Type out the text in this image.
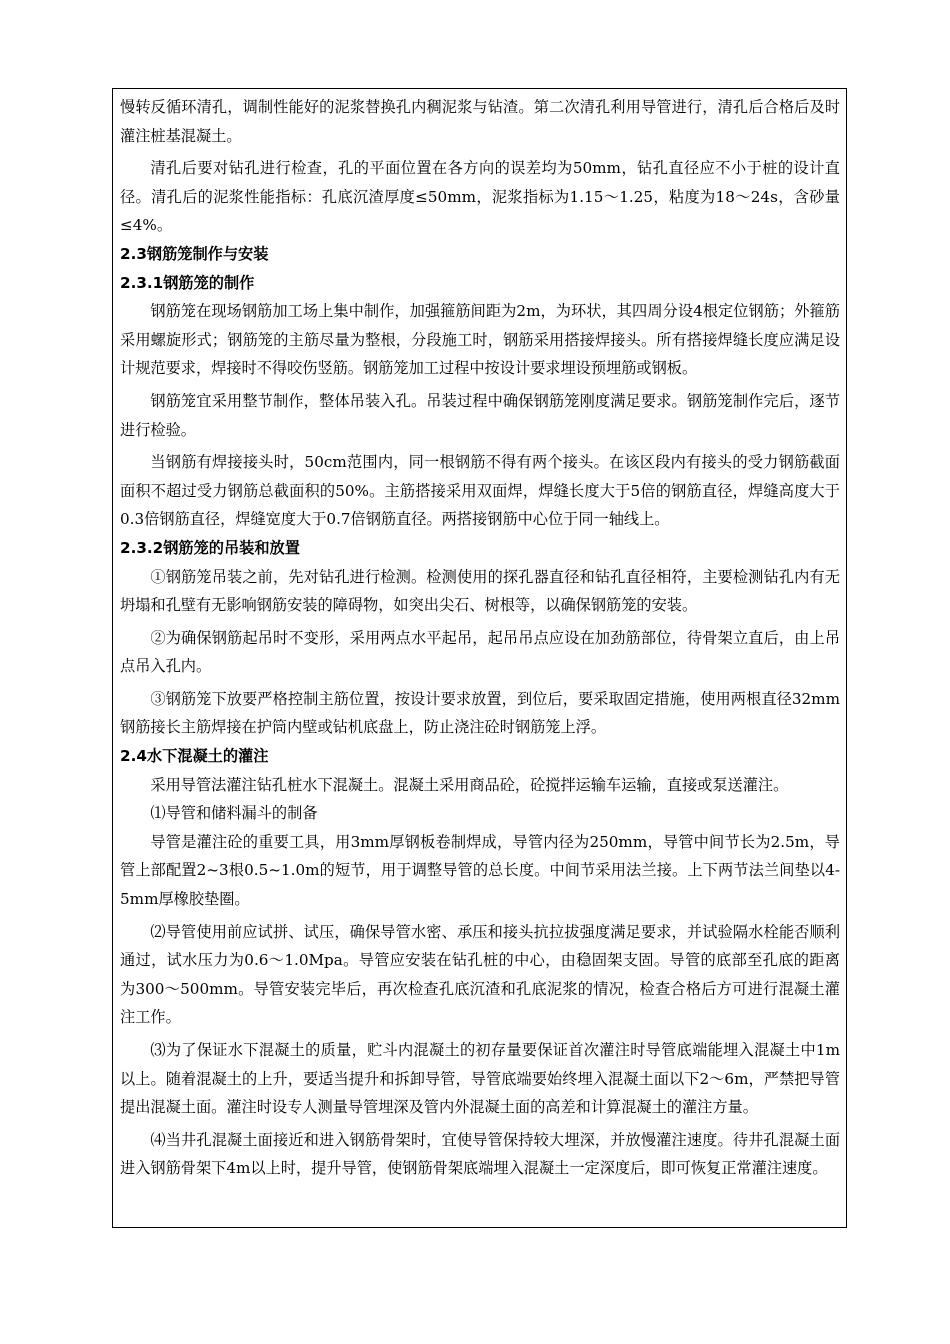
慢转反循环清孔，调制性能好的泥浆替换孔内稠泥浆与钻渣。第二次清孔利用导管进行，清孔后合格后及时灌注桩基混凝土。

清孔后要对钻孔进行检查，孔的平面位置在各方向的误差均为50mm，钻孔直径应不小于桩的设计直径。清孔后的泥浆性能指标：孔底沉渣厚度≤50mm，泥浆指标为1.15～1.25，粘度为18～24s，含砂量≤4%。

2.3钢筋笼制作与安装
2.3.1钢筋笼的制作

钢筋笼在现场钢筋加工场上集中制作，加强箍筋间距为2m，为环状，其四周分设4根定位钢筋；外箍筋采用螺旋形式；钢筋笼的主筋尽量为整根，分段施工时，钢筋采用搭接焊接头。所有搭接焊缝长度应满足设计规范要求，焊接时不得咬伤竖筋。钢筋笼加工过程中按设计要求埋设预埋筋或钢板。

钢筋笼宜采用整节制作，整体吊装入孔。吊装过程中确保钢筋笼刚度满足要求。钢筋笼制作完后，逐节进行检验。

当钢筋有焊接接头时，50cm范围内，同一根钢筋不得有两个接头。在该区段内有接头的受力钢筋截面面积不超过受力钢筋总截面积的50%。主筋搭接采用双面焊，焊缝长度大于5倍的钢筋直径，焊缝高度大于0.3倍钢筋直径，焊缝宽度大于0.7倍钢筋直径。两搭接钢筋中心位于同一轴线上。

2.3.2钢筋笼的吊装和放置

①钢筋笼吊装之前，先对钻孔进行检测。检测使用的探孔器直径和钻孔直径相符，主要检测钻孔内有无坍塌和孔壁有无影响钢筋安装的障碍物，如突出尖石、树根等，以确保钢筋笼的安装。

②为确保钢筋起吊时不变形，采用两点水平起吊，起吊吊点应设在加劲筋部位，待骨架立直后，由上吊点吊入孔内。

③钢筋笼下放要严格控制主筋位置，按设计要求放置，到位后，要采取固定措施，使用两根直径32mm钢筋接长主筋焊接在护筒内壁或钻机底盘上，防止浇注砼时钢筋笼上浮。

2.4水下混凝土的灌注

采用导管法灌注钻孔桩水下混凝土。混凝土采用商品砼，砼搅拌运输车运输，直接或泵送灌注。

⑴导管和储料漏斗的制备

导管是灌注砼的重要工具，用3mm厚钢板卷制焊成，导管内径为250mm，导管中间节长为2.5m，导管上部配置2~3根0.5~1.0m的短节，用于调整导管的总长度。中间节采用法兰接。上下两节法兰间垫以4-5mm厚橡胶垫圈。

⑵导管使用前应试拼、试压，确保导管水密、承压和接头抗拉拔强度满足要求，并试验隔水栓能否顺利通过，试水压力为0.6～1.0Mpa。导管应安装在钻孔桩的中心，由稳固架支固。导管的底部至孔底的距离为300～500mm。导管安装完毕后，再次检查孔底沉渣和孔底泥浆的情况，检查合格后方可进行混凝土灌注工作。

⑶为了保证水下混凝土的质量，贮斗内混凝土的初存量要保证首次灌注时导管底端能埋入混凝土中1m以上。随着混凝土的上升，要适当提升和拆卸导管，导管底端要始终埋入混凝土面以下2～6m，严禁把导管提出混凝土面。灌注时设专人测量导管埋深及管内外混凝土面的高差和计算混凝土的灌注方量。

⑷当井孔混凝土面接近和进入钢筋骨架时，宜使导管保持较大埋深，并放慢灌注速度。待井孔混凝土面进入钢筋骨架下4m以上时，提升导管，使钢筋骨架底端埋入混凝土一定深度后，即可恢复正常灌注速度。
